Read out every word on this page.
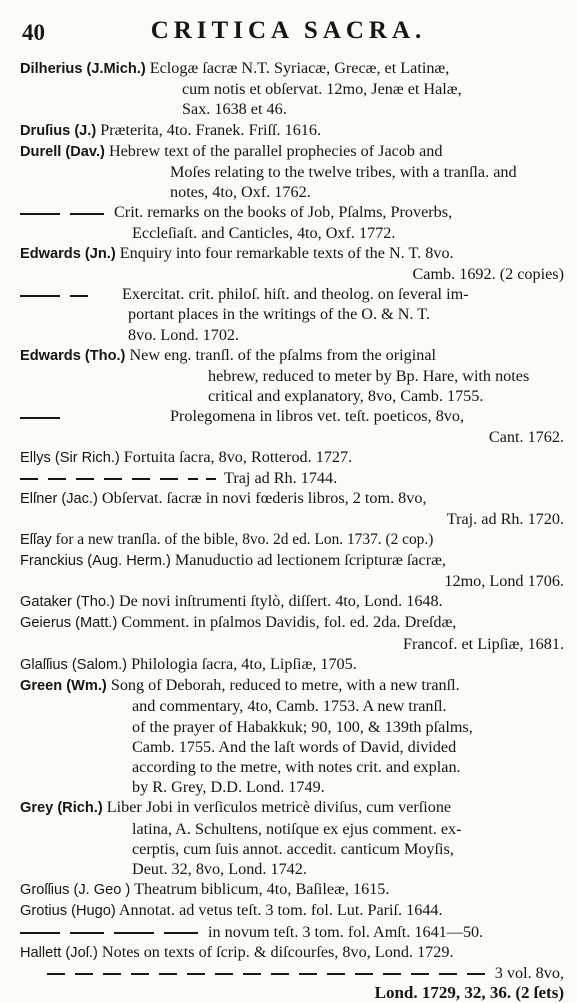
40	CRITICA SACRA.
Dilherius (J.Mich.) Eclogæ ſacræ N.T. Syriacæ, Grecæ, et Latinæ,
cum notis et obſervat. 12mo, Jenæ et Halæ,
Sax. 1638 et 46.
Druſius (J.) Præterita, 4to. Franek. Friſſ. 1616.
Durell (Dav.) Hebrew text of the parallel prophecies of Jacob and
Moſes relating to the twelve tribes, with a tranſla. and
notes, 4to, Oxf. 1762.
Crit. remarks on the books of Job, Pſalms, Proverbs,
Eccleſiaſt. and Canticles, 4to, Oxf. 1772.
Edwards (Jn.) Enquiry into four remarkable texts of the N. T. 8vo.
Camb. 1692. (2 copies)
Exercitat. crit. philoſ. hiſt. and theolog. on ſeveral im-
portant places in the writings of the O. & N. T.
8vo. Lond. 1702.
Edwards (Tho.) New eng. tranſl. of the pſalms from the original
hebrew, reduced to meter by Bp. Hare, with notes
critical and explanatory, 8vo, Camb. 1755.
Prolegomena in libros vet. teſt. poeticos, 8vo,
Cant. 1762.
Ellys (Sir Rich.) Fortuita ſacra, 8vo, Rotterod. 1727.
Traj ad Rh. 1744.
Elſner (Jac.) Obſervat. ſacræ in novi fœderis libros, 2 tom. 8vo,
Traj. ad Rh. 1720.
Eſſay for a new tranſla. of the bible, 8vo. 2d ed. Lon. 1737. (2 cop.)
Franckius (Aug. Herm.) Manuductio ad lectionem ſcripturæ ſacræ,
12mo, Lond 1706.
Gataker (Tho.) De novi inſtrumenti ſtylò, diſſert. 4to, Lond. 1648.
Geierus (Matt.) Comment. in pſalmos Davidis, fol. ed. 2da. Dreſdæ,
Francof. et Lipſiæ, 1681.
Glaſſius (Salom.) Philologia ſacra, 4to, Lipſiæ, 1705.
Green (Wm.) Song of Deborah, reduced to metre, with a new tranſl.
and commentary, 4to, Camb. 1753. A new tranſl.
of the prayer of Habakkuk; 90, 100, & 139th pſalms,
Camb. 1755. And the laſt words of David, divided
according to the metre, with notes crit. and explan.
by R. Grey, D.D. Lond. 1749.
Grey (Rich.) Liber Jobi in verſiculos metricè diviſus, cum verſione
latina, A. Schultens, notiſque ex ejus comment. ex-
cerptis, cum ſuis annot. accedit. canticum Moyſis,
Deut. 32, 8vo, Lond. 1742.
Groſſius (J. Geo ) Theatrum biblicum, 4to, Baſileæ, 1615.
Grotius (Hugo) Annotat. ad vetus teſt. 3 tom. fol. Lut. Pariſ. 1644.
in novum teſt. 3 tom. fol. Amſt. 1641—50.
Hallett (Joſ.) Notes on texts of ſcrip. & diſcourſes, 8vo, Lond. 1729.
3 vol. 8vo,
Lond. 1729, 32, 36. (2 ſets)
